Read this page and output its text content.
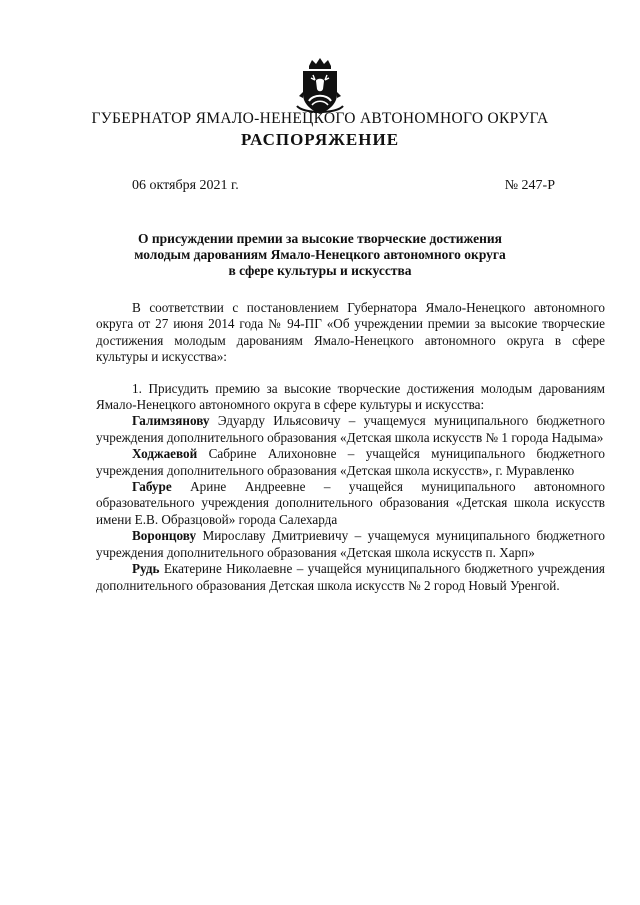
ГУБЕРНАТОР ЯМАЛО-НЕНЕЦКОГО АВТОНОМНОГО ОКРУГА
РАСПОРЯЖЕНИЕ
06 октября 2021 г.	№ 247-Р
О присуждении премии за высокие творческие достижения
молодым дарованиям Ямало-Ненецкого автономного округа
в сфере культуры и искусства

В соответствии с постановлением Губернатора Ямало-Ненецкого автономного округа от 27 июня 2014 года № 94-ПГ «Об учреждении премии за высокие творческие достижения молодым дарованиям Ямало-Ненецкого автономного округа в сфере культуры и искусства»:

1. Присудить премию за высокие творческие достижения молодым дарованиям Ямало-Ненецкого автономного округа в сфере культуры и искусства:

Галимзянову Эдуарду Ильясовичу – учащемуся муниципального бюджетного учреждения дополнительного образования «Детская школа искусств № 1 города Надыма»

Ходжаевой Сабрине Алихоновне – учащейся муниципального бюджетного учреждения дополнительного образования «Детская школа искусств», г. Муравленко

Габуре Арине Андреевне – учащейся муниципального автономного образовательного учреждения дополнительного образования «Детская школа искусств имени Е.В. Образцовой» города Салехарда

Воронцову Мирославу Дмитриевичу – учащемуся муниципального бюджетного учреждения дополнительного образования «Детская школа искусств п. Харп»

Рудь Екатерине Николаевне – учащейся муниципального бюджетного учреждения дополнительного образования Детская школа искусств № 2 город Новый Уренгой.
